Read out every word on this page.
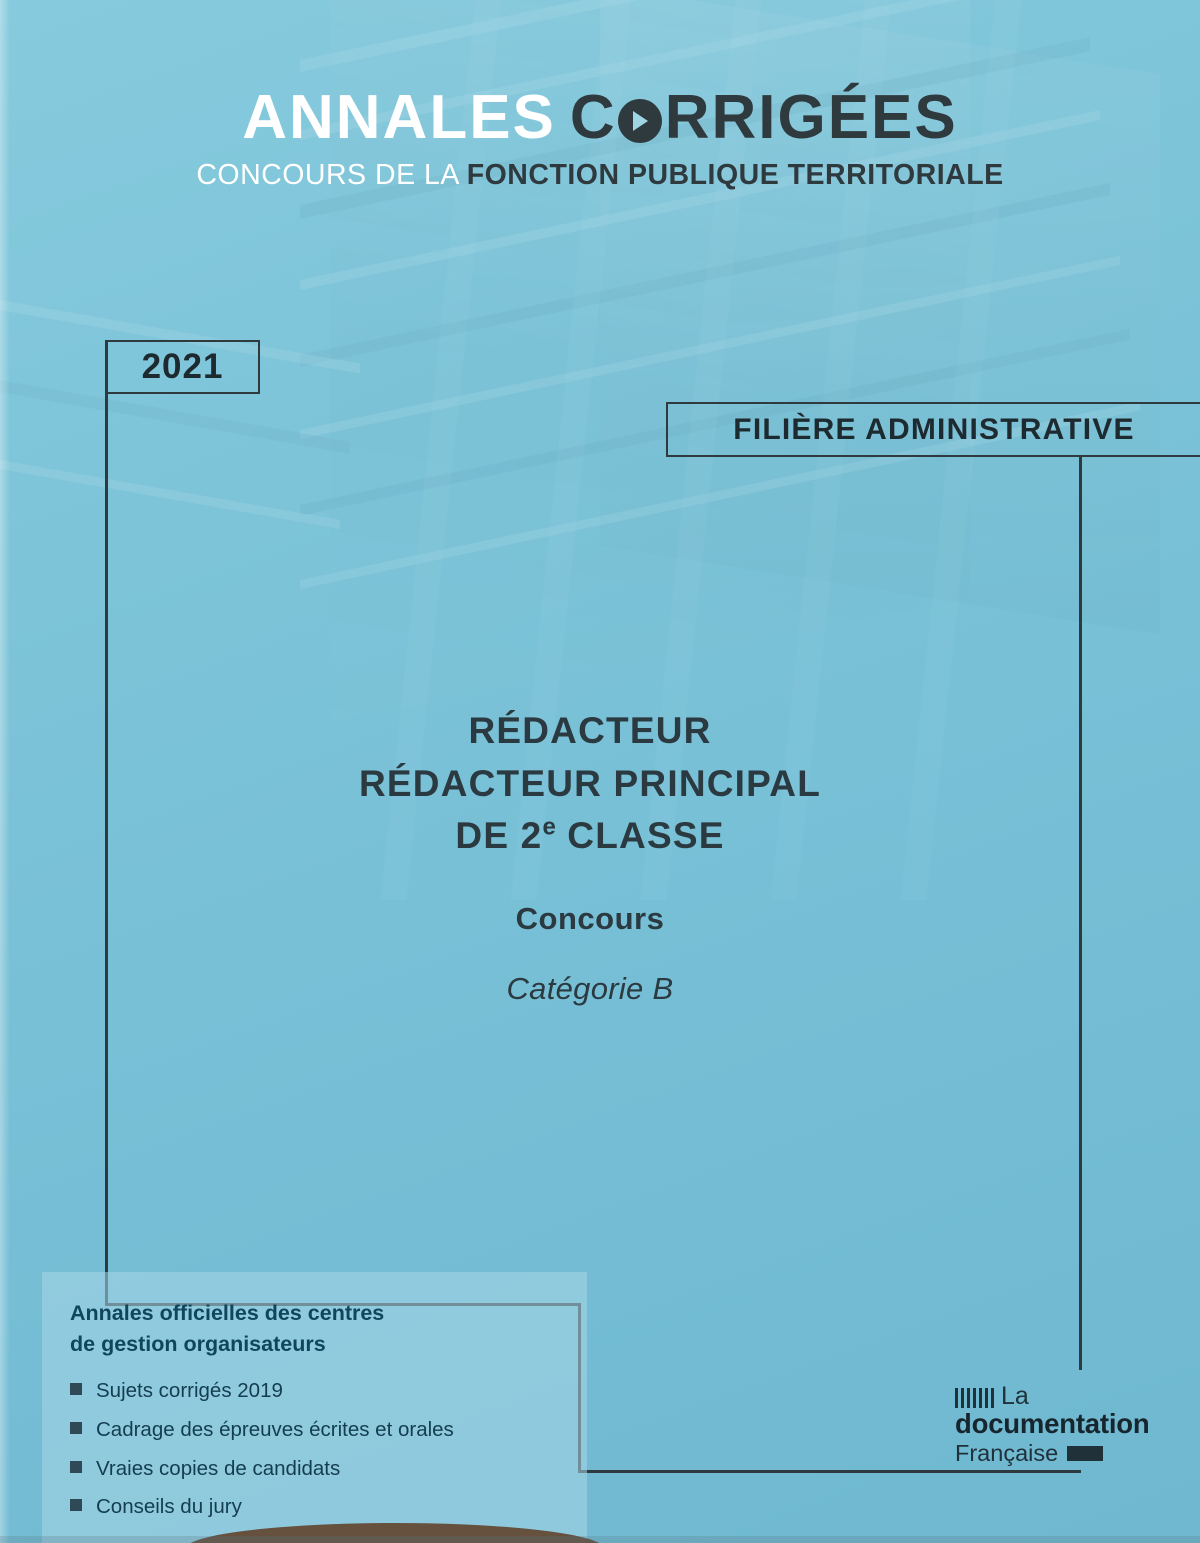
ANNALES C RRIGÉES
CONCOURS DE LA FONCTION PUBLIQUE TERRITORIALE
2021
FILIÈRE ADMINISTRATIVE
RÉDACTEUR
RÉDACTEUR PRINCIPAL
DE 2e CLASSE
Concours
Catégorie B
Annales officielles des centres
de gestion organisateurs
Sujets corrigés 2019
Cadrage des épreuves écrites et orales
Vraies copies de candidats
Conseils du jury
La
documentation
Française
